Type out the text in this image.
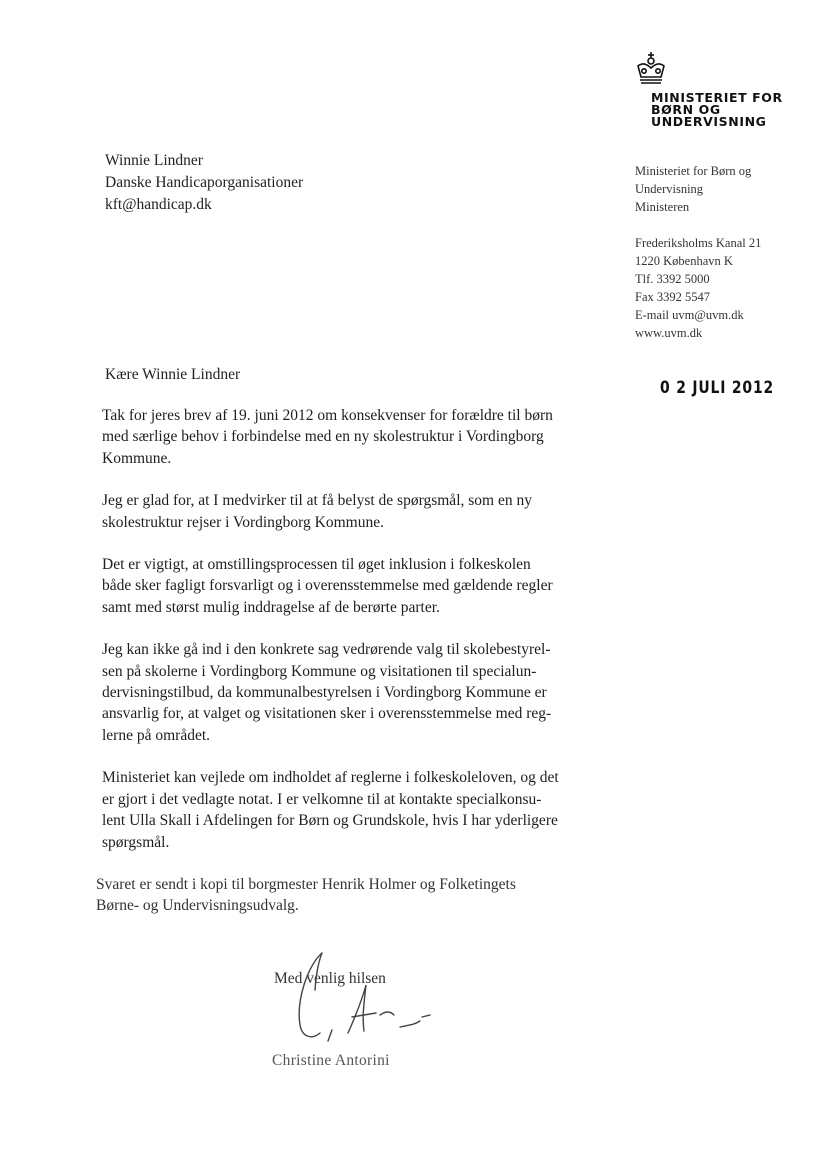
MINISTERIET FOR
BØRN OG
UNDERVISNING
Ministeriet for Børn og
Undervisning
Ministeren
Frederiksholms Kanal 21
1220 København K
Tlf. 3392 5000
Fax 3392 5547
E-mail uvm@uvm.dk
www.uvm.dk
0 2 JULI 2012
Winnie Lindner
Danske Handicaporganisationer
kft@handicap.dk
Kære Winnie Lindner

Tak for jeres brev af 19. juni 2012 om konsekvenser for forældre til børn
med særlige behov i forbindelse med en ny skolestruktur i Vordingborg
Kommune.

Jeg er glad for, at I medvirker til at få belyst de spørgsmål, som en ny
skolestruktur rejser i Vordingborg Kommune.

Det er vigtigt, at omstillingsprocessen til øget inklusion i folkeskolen
både sker fagligt forsvarligt og i overensstemmelse med gældende regler
samt med størst mulig inddragelse af de berørte parter.

Jeg kan ikke gå ind i den konkrete sag vedrørende valg til skolebestyrel-
sen på skolerne i Vordingborg Kommune og visitationen til specialun-
dervisningstilbud, da kommunalbestyrelsen i Vordingborg Kommune er
ansvarlig for, at valget og visitationen sker i overensstemmelse med reg-
lerne på området.

Ministeriet kan vejlede om indholdet af reglerne i folkeskoleloven, og det
er gjort i det vedlagte notat. I er velkomne til at kontakte specialkonsu-
lent Ulla Skall i Afdelingen for Børn og Grundskole, hvis I har yderligere
spørgsmål.

Svaret er sendt i kopi til borgmester Henrik Holmer og Folketingets
Børne- og Undervisningsudvalg.

Med venlig hilsen
Christine Antorini
